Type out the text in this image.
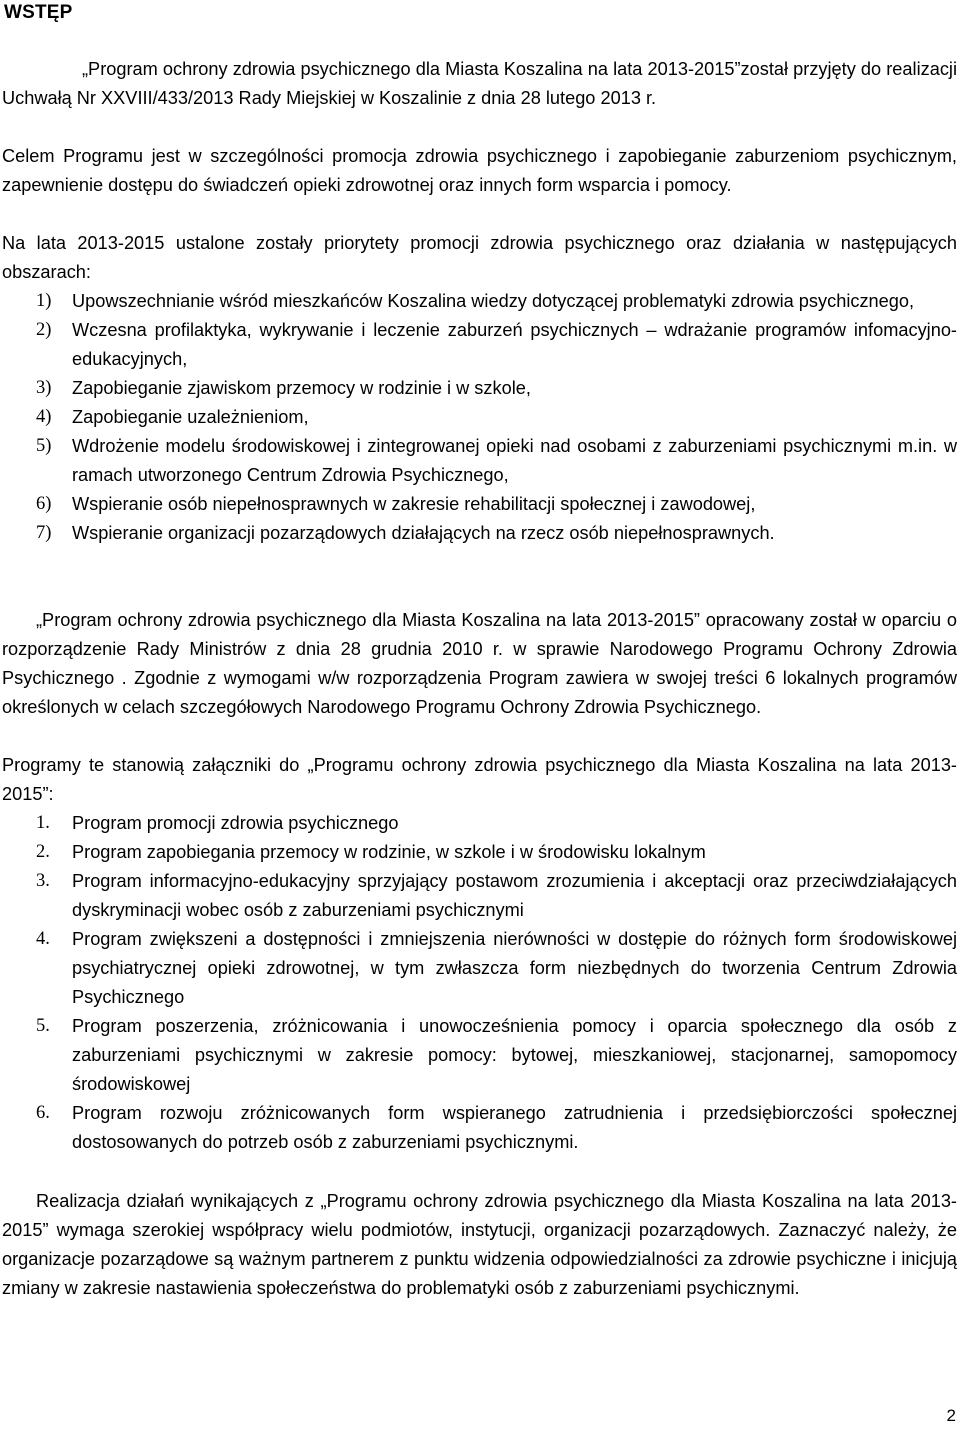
WSTĘP

„Program ochrony zdrowia psychicznego dla Miasta Koszalina na lata 2013-2015”został przyjęty do realizacji Uchwałą Nr XXVIII/433/2013 Rady Miejskiej w Koszalinie z dnia 28 lutego 2013 r.

Celem Programu jest w szczególności promocja zdrowia psychicznego i zapobieganie zaburzeniom psychicznym, zapewnienie dostępu do świadczeń opieki zdrowotnej oraz innych form wsparcia i pomocy.

Na lata 2013-2015 ustalone zostały priorytety promocji zdrowia psychicznego oraz działania w następujących obszarach:

1) Upowszechnianie wśród mieszkańców Koszalina wiedzy dotyczącej problematyki zdrowia psychicznego,
2) Wczesna profilaktyka, wykrywanie i leczenie zaburzeń psychicznych – wdrażanie programów infomacyjno-edukacyjnych,
3) Zapobieganie zjawiskom przemocy w rodzinie i w szkole,
4) Zapobieganie uzależnieniom,
5) Wdrożenie modelu środowiskowej i zintegrowanej opieki nad osobami z zaburzeniami psychicznymi m.in. w ramach utworzonego Centrum Zdrowia Psychicznego,
6) Wspieranie osób niepełnosprawnych w zakresie rehabilitacji społecznej i zawodowej,
7) Wspieranie organizacji pozarządowych działających na rzecz osób niepełnosprawnych.

„Program ochrony zdrowia psychicznego dla Miasta Koszalina na lata 2013-2015” opracowany został w oparciu o rozporządzenie Rady Ministrów z dnia 28 grudnia 2010 r. w sprawie Narodowego Programu Ochrony Zdrowia Psychicznego . Zgodnie z wymogami w/w rozporządzenia Program zawiera w swojej treści 6 lokalnych programów określonych w celach szczegółowych Narodowego Programu Ochrony Zdrowia Psychicznego.

Programy te stanowią załączniki do „Programu ochrony zdrowia psychicznego dla Miasta Koszalina na lata 2013-2015”:

1. Program promocji zdrowia psychicznego
2. Program zapobiegania przemocy w rodzinie, w szkole i w środowisku lokalnym
3. Program informacyjno-edukacyjny sprzyjający postawom zrozumienia i akceptacji oraz przeciwdziałających dyskryminacji wobec osób z zaburzeniami psychicznymi
4. Program zwiększeni a dostępności i zmniejszenia nierówności w dostępie do różnych form środowiskowej psychiatrycznej opieki zdrowotnej, w tym zwłaszcza form niezbędnych do tworzenia Centrum Zdrowia Psychicznego
5. Program poszerzenia, zróżnicowania i unowocześnienia pomocy i oparcia społecznego dla osób z zaburzeniami psychicznymi w zakresie pomocy: bytowej, mieszkaniowej, stacjonarnej, samopomocy środowiskowej
6. Program rozwoju zróżnicowanych form wspieranego zatrudnienia i przedsiębiorczości społecznej dostosowanych do potrzeb osób z zaburzeniami psychicznymi.

Realizacja działań wynikających z „Programu ochrony zdrowia psychicznego dla Miasta Koszalina na lata 2013-2015” wymaga szerokiej współpracy wielu podmiotów, instytucji, organizacji pozarządowych. Zaznaczyć należy, że organizacje pozarządowe są ważnym partnerem z punktu widzenia odpowiedzialności za zdrowie psychiczne i inicjują zmiany w zakresie nastawienia społeczeństwa do problematyki osób z zaburzeniami psychicznymi.

2
